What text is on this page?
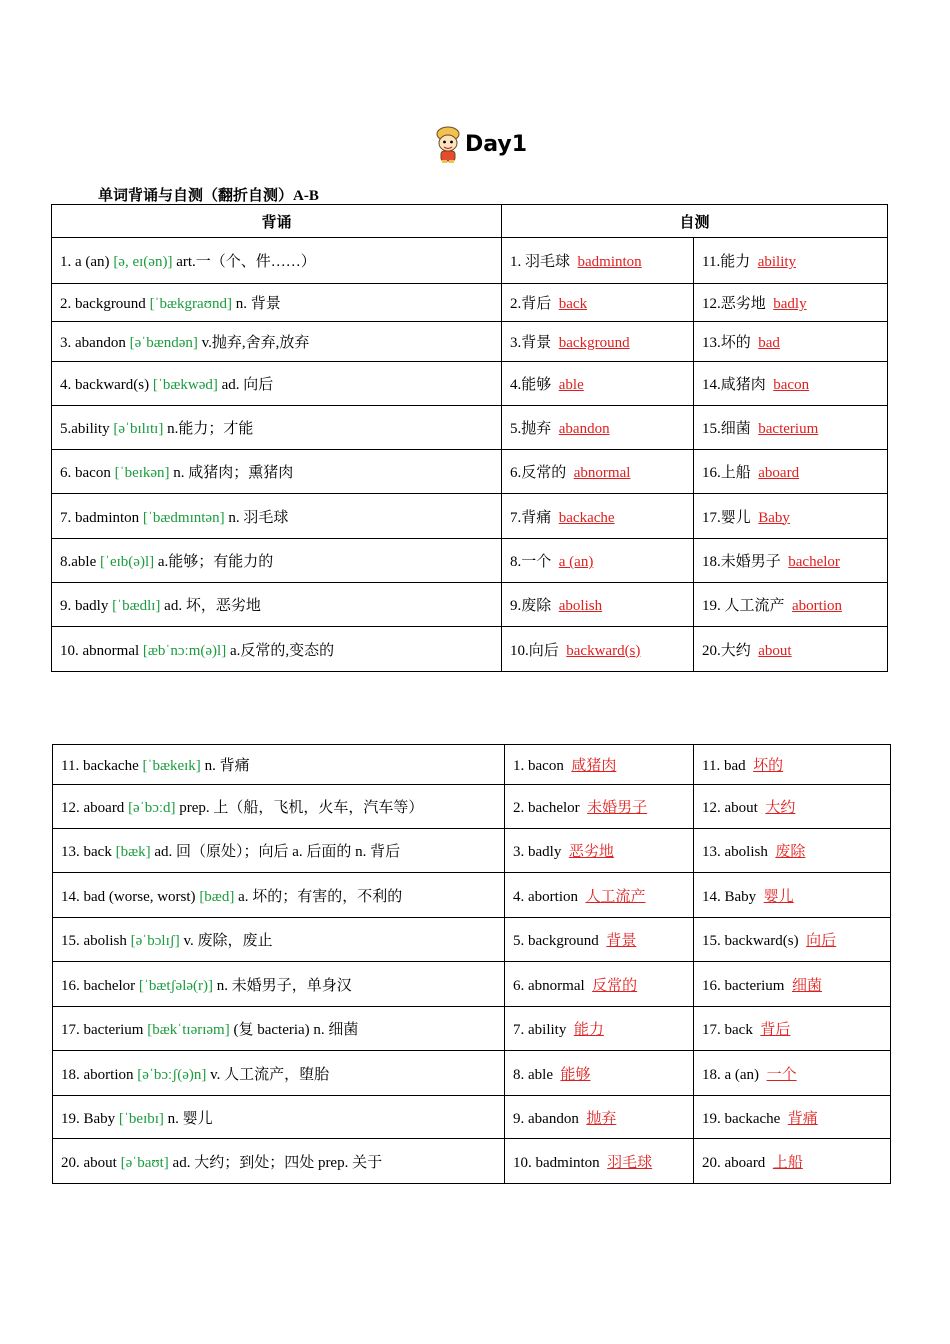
Day1
单词背诵与自测（翻折自测）A-B
背诵	自测	
1. a (an) [ə, eɪ(ən)] art.一（个、件……）	1. 羽毛球 badminton	11.能力 ability
2. background [ˈbækgraʊnd] n. 背景	2.背后 back	12.恶劣地 badly
3. abandon [əˈbændən] v.抛弃,舍弃,放弃	3.背景 background	13.坏的 bad
4. backward(s) [ˈbækwəd] ad. 向后	4.能够 able	14.咸猪肉 bacon
5.ability [əˈbɪlɪtɪ] n.能力；才能	5.抛弃 abandon	15.细菌 bacterium
6. bacon [ˈbeɪkən] n. 咸猪肉；熏猪肉	6.反常的 abnormal	16.上船 aboard
7. badminton [ˈbædmɪntən] n. 羽毛球	7.背痛 backache	17.婴儿 Baby
8.able [ˈeɪb(ə)l] a.能够；有能力的	8.一个 a (an)	18.未婚男子 bachelor
9. badly [ˈbædlɪ] ad. 坏，恶劣地	9.废除 abolish	19. 人工流产 abortion
10. abnormal [æbˈnɔːm(ə)l] a.反常的,变态的	10.向后 backward(s)	20.大约 about
11. backache [ˈbækeɪk] n. 背痛	1. bacon 咸猪肉	11. bad 坏的
12. aboard [əˈbɔːd] prep. 上（船，飞机，火车，汽车等）	2. bachelor 未婚男子	12. about 大约
13. back [bæk] ad. 回（原处）；向后 a. 后面的 n. 背后	3. badly 恶劣地	13. abolish 废除
14. bad (worse, worst) [bæd] a. 坏的；有害的，不利的	4. abortion 人工流产	14. Baby 婴儿
15. abolish [əˈbɔlɪʃ] v. 废除，废止	5. background 背景	15. backward(s) 向后
16. bachelor [ˈbætʃələ(r)] n. 未婚男子，单身汉	6. abnormal 反常的	16. bacterium 细菌
17. bacterium [bækˈtɪərɪəm] (复 bacteria) n. 细菌	7. ability 能力	17. back 背后
18. abortion [əˈbɔːʃ(ə)n] v. 人工流产，堕胎	8. able 能够	18. a (an) 一个
19. Baby [ˈbeɪbɪ] n. 婴儿	9. abandon 抛弃	19. backache 背痛
20. about [əˈbaʊt] ad. 大约；到处；四处 prep. 关于	10. badminton 羽毛球	20. aboard 上船
